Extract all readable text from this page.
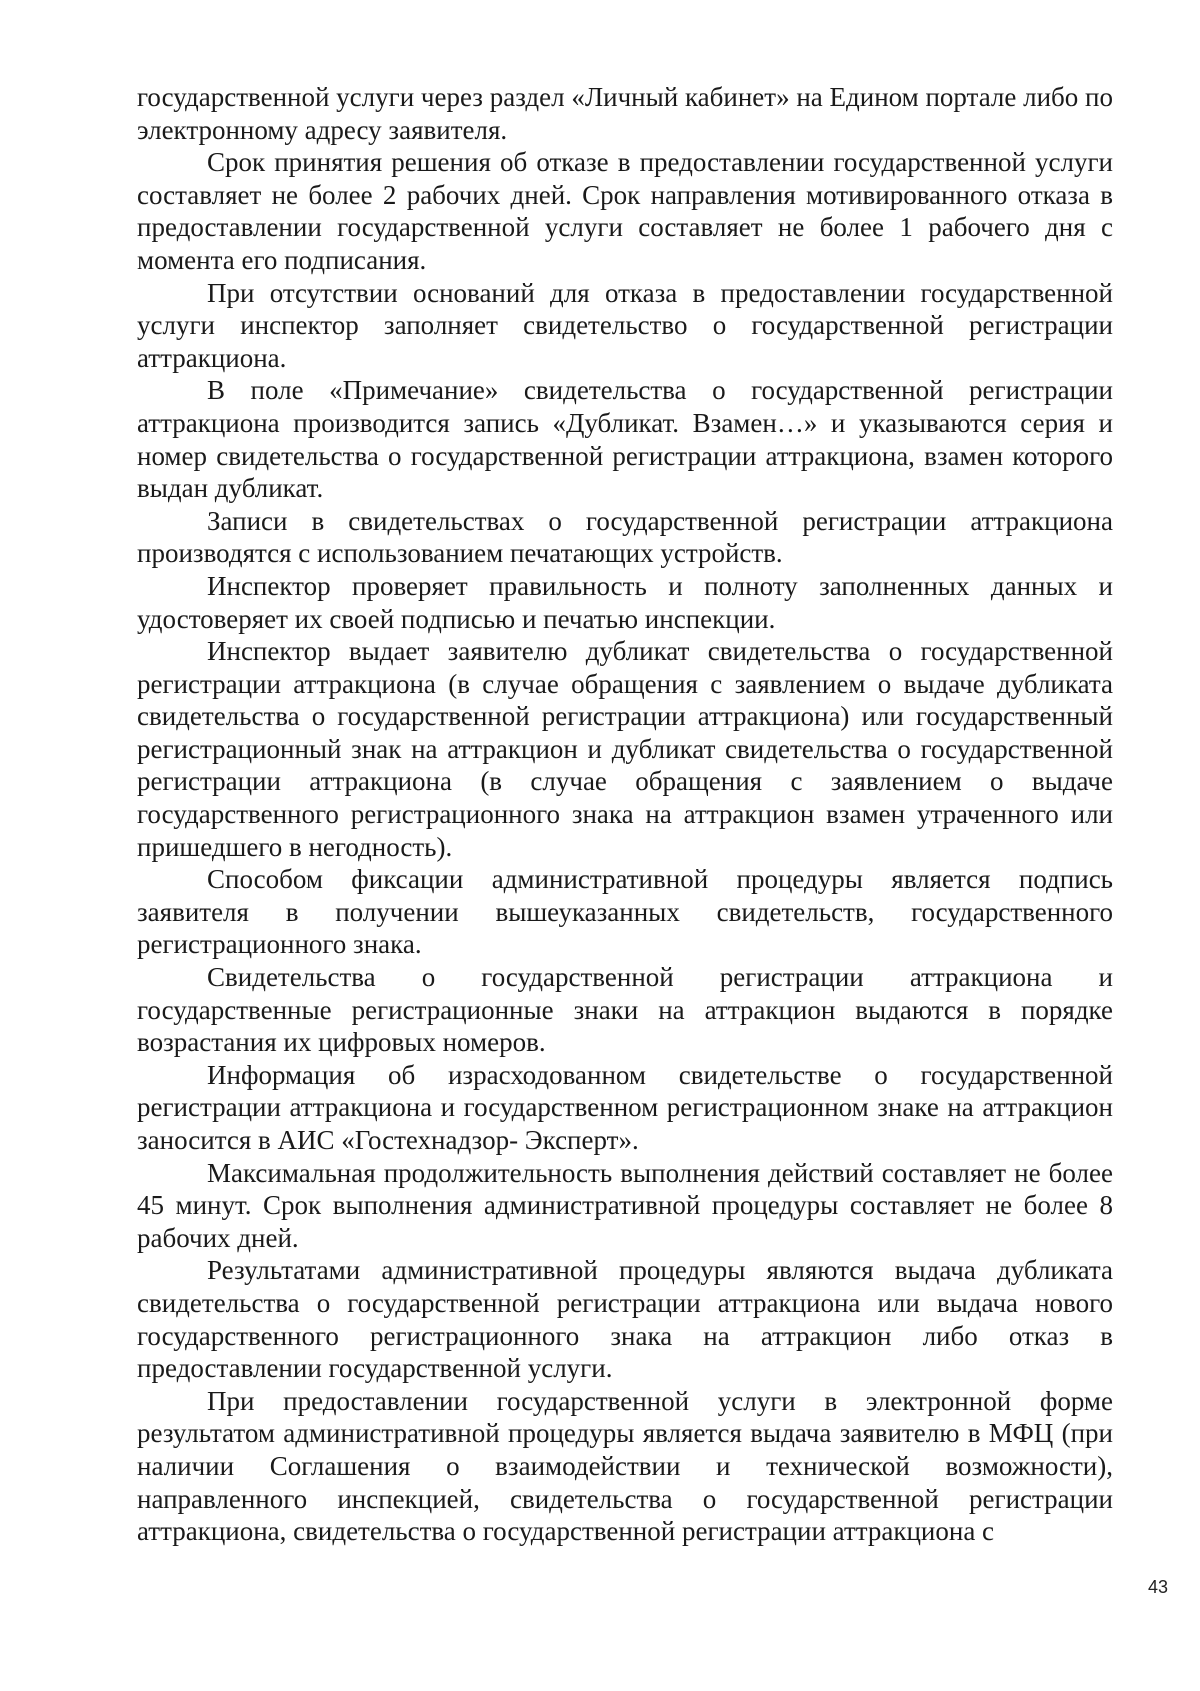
государственной услуги через раздел «Личный кабинет» на Едином портале либо по электронному адресу заявителя.

Срок принятия решения об отказе в предоставлении государственной услуги составляет не более 2 рабочих дней. Срок направления мотивированного отказа в предоставлении государственной услуги составляет не более 1 рабочего дня с момента его подписания.

При отсутствии оснований для отказа в предоставлении государственной услуги инспектор заполняет свидетельство о государственной регистрации аттракциона.

В поле «Примечание» свидетельства о государственной регистрации аттракциона производится запись «Дубликат. Взамен…» и указываются серия и номер свидетельства о государственной регистрации аттракциона, взамен которого выдан дубликат.

Записи в свидетельствах о государственной регистрации аттракциона производятся с использованием печатающих устройств.

Инспектор проверяет правильность и полноту заполненных данных и удостоверяет их своей подписью и печатью инспекции.

Инспектор выдает заявителю дубликат свидетельства о государственной регистрации аттракциона (в случае обращения с заявлением о выдаче дубликата свидетельства о государственной регистрации аттракциона) или государственный регистрационный знак на аттракцион и дубликат свидетельства о государственной регистрации аттракциона (в случае обращения с заявлением о выдаче государственного регистрационного знака на аттракцион взамен утраченного или пришедшего в негодность).

Способом фиксации административной процедуры является подпись заявителя в получении вышеуказанных свидетельств, государственного регистрационного знака.

Свидетельства о государственной регистрации аттракциона и государственные регистрационные знаки на аттракцион выдаются в порядке возрастания их цифровых номеров.

Информация об израсходованном свидетельстве о государственной регистрации аттракциона и государственном регистрационном знаке на аттракцион заносится в АИС «Гостехнадзор- Эксперт».

Максимальная продолжительность выполнения действий составляет не более 45 минут. Срок выполнения административной процедуры составляет не более 8 рабочих дней.

Результатами административной процедуры являются выдача дубликата свидетельства о государственной регистрации аттракциона или выдача нового государственного регистрационного знака на аттракцион либо отказ в предоставлении государственной услуги.

При предоставлении государственной услуги в электронной форме результатом административной процедуры является выдача заявителю в МФЦ (при наличии Соглашения о взаимодействии и технической возможности), направленного инспекцией, свидетельства о государственной регистрации аттракциона, свидетельства о государственной регистрации аттракциона с

43
